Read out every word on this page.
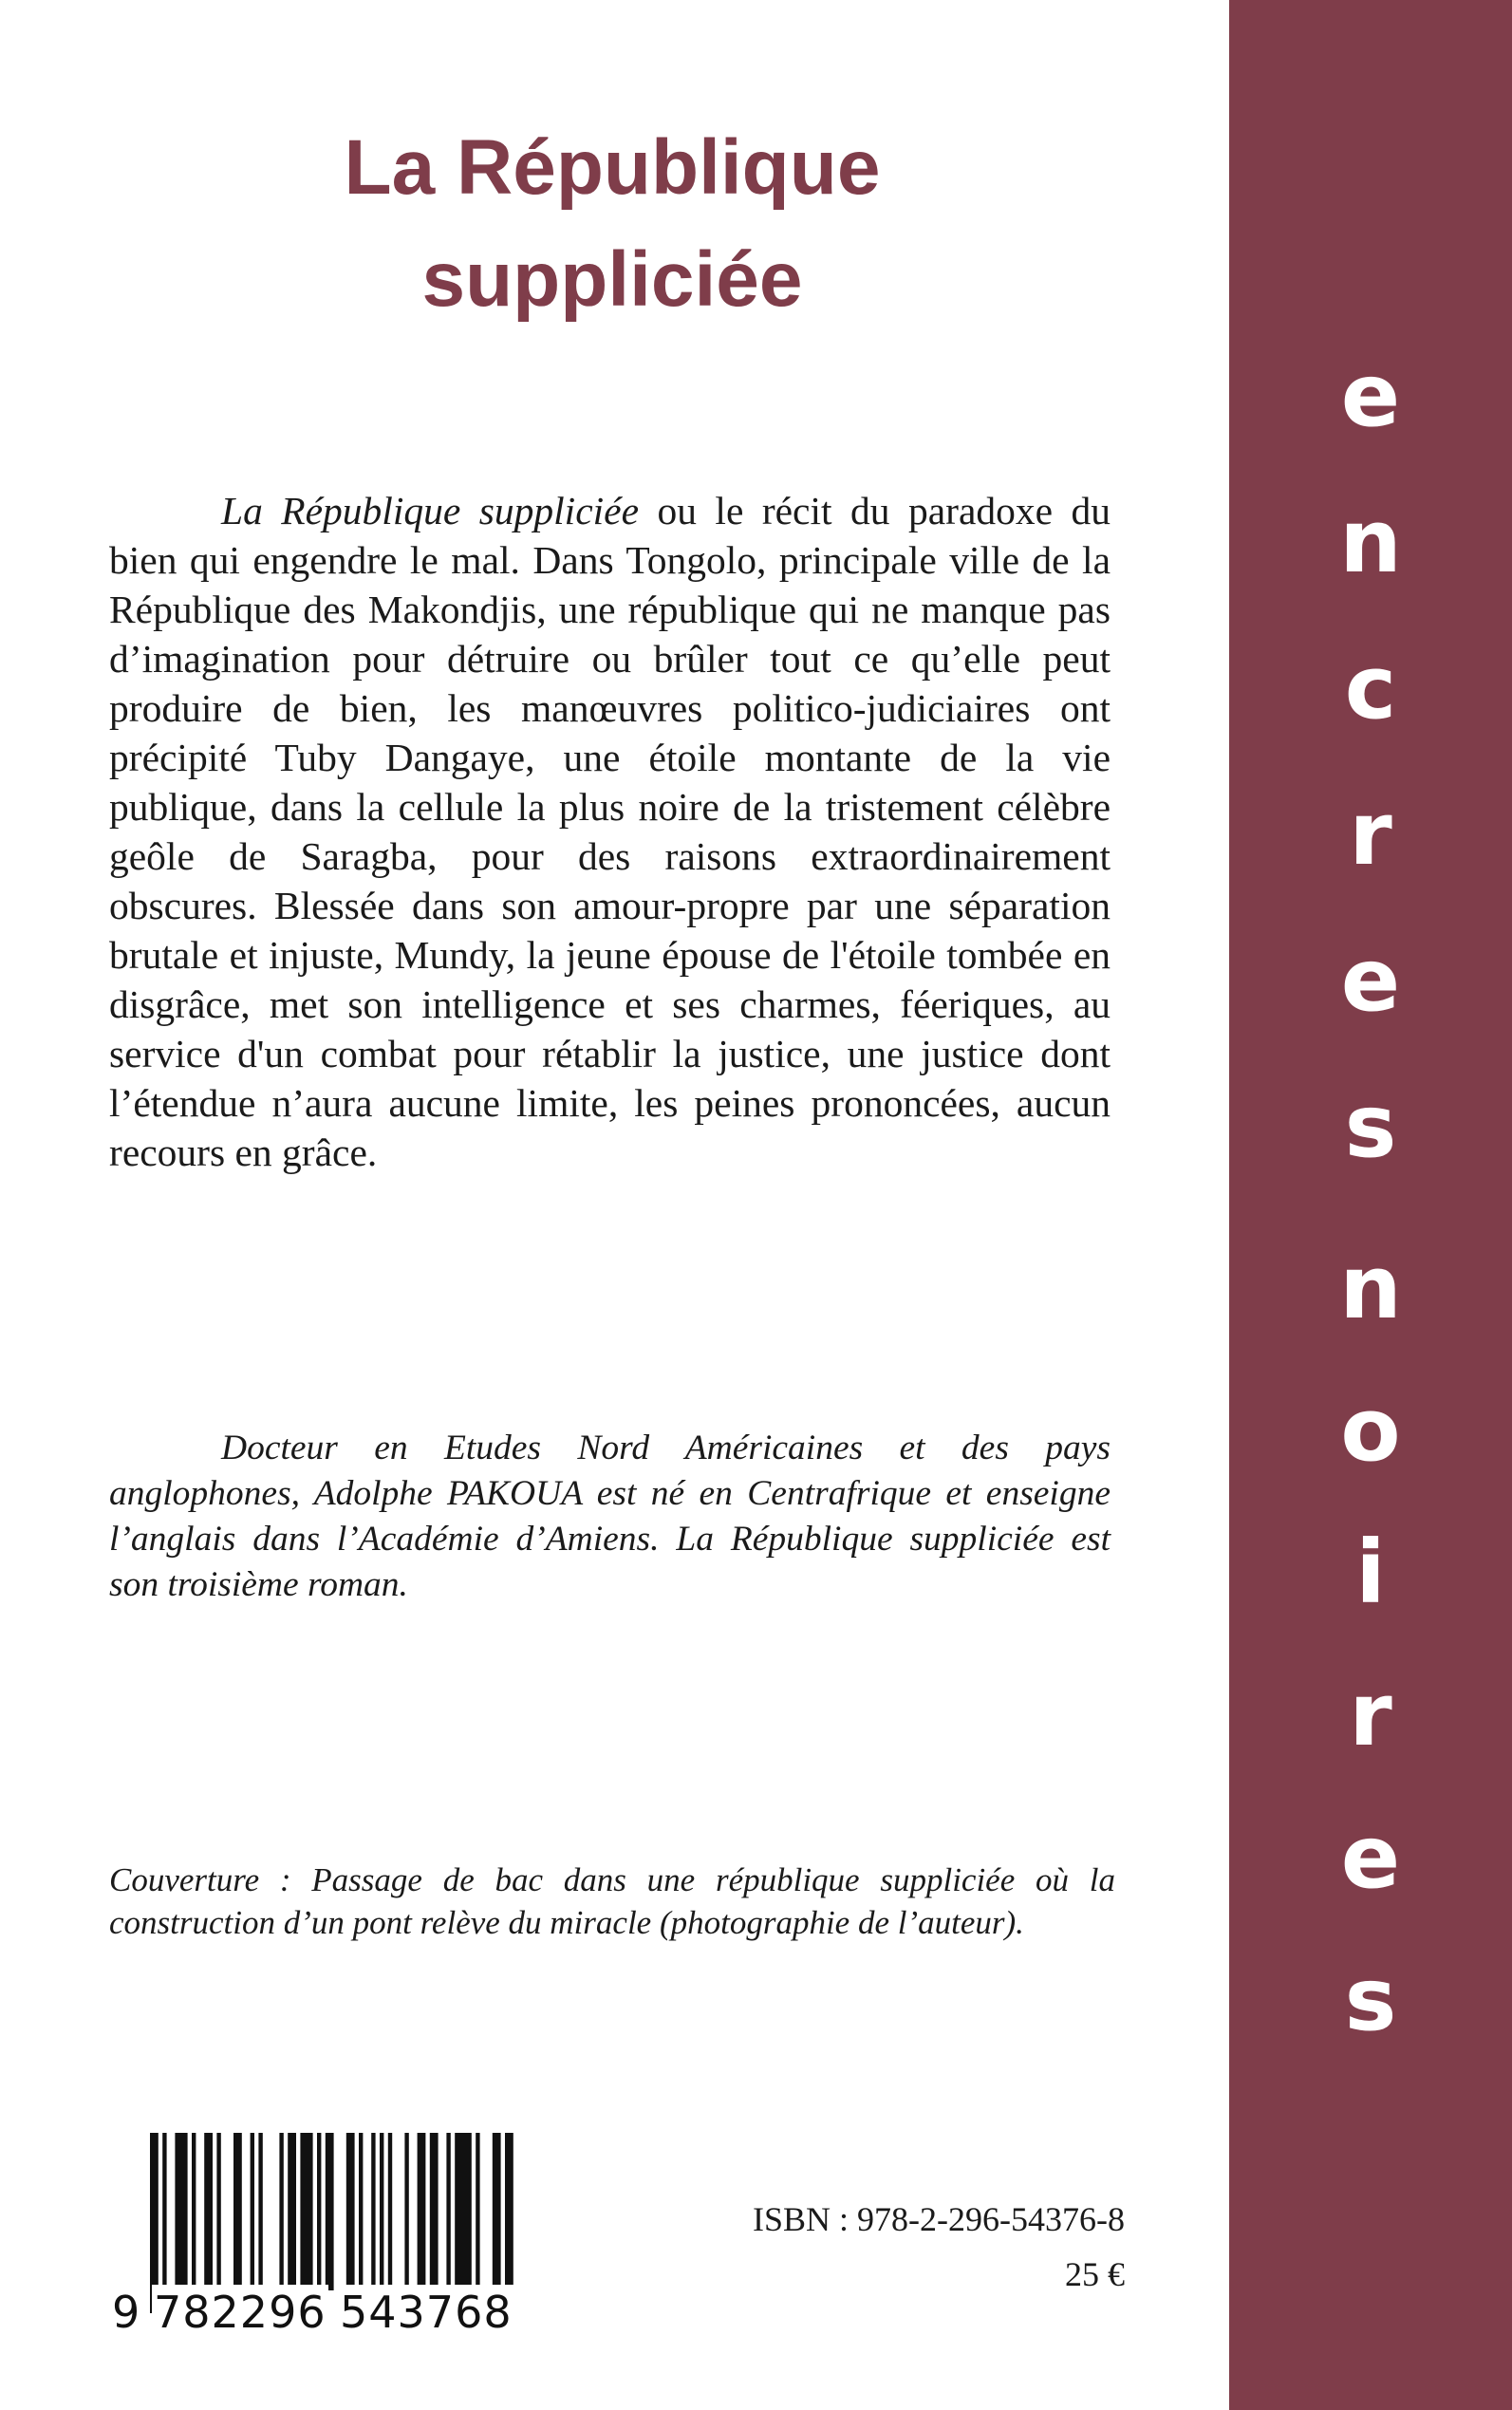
La République
suppliciée

La République suppliciée ou le récit du paradoxe du bien qui engendre le mal. Dans Tongolo, principale ville de la République des Makondjis, une république qui ne manque pas d’imagination pour détruire ou brûler tout ce qu’elle peut produire de bien, les manœuvres politico-judiciaires ont précipité Tuby Dangaye, une étoile montante de la vie publique, dans la cellule la plus noire de la tristement célèbre geôle de Saragba, pour des raisons extraordinairement obscures. Blessée dans son amour-propre par une séparation brutale et injuste, Mundy, la jeune épouse de l'étoile tombée en disgrâce, met son intelligence et ses charmes, féeriques, au service d'un combat pour rétablir la justice, une justice dont l’étendue n’aura aucune limite, les peines prononcées, aucun recours en grâce.

Docteur en Etudes Nord Américaines et des pays anglophones, Adolphe PAKOUA est né en Centrafrique et enseigne l’anglais dans l’Académie d’Amiens. La République suppliciée est son troisième roman.

Couverture : Passage de bac dans une république suppliciée où la construction d’un pont relève du miracle (photographie de l’auteur).

9 782296 543768
ISBN : 978-2-296-54376-8
25 €
e
n
c
r
e
s
n
o
i
r
e
s
